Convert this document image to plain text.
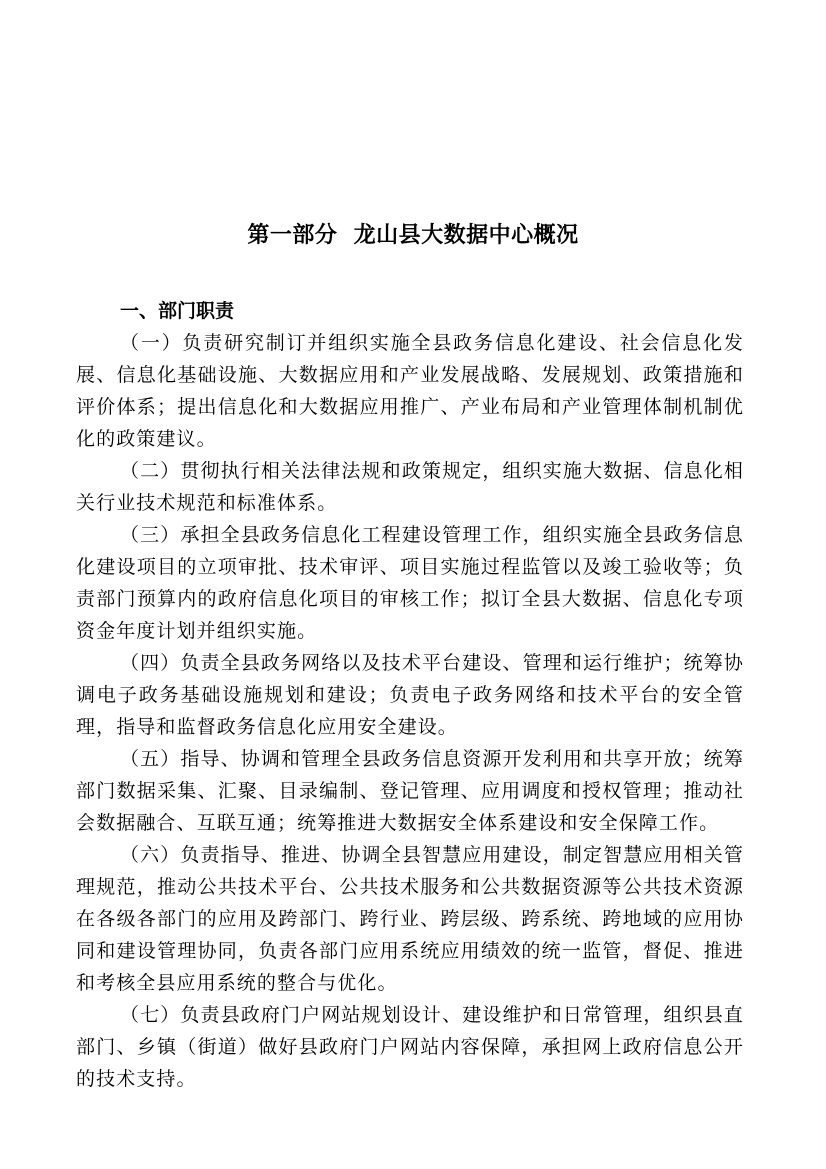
第一部分  龙山县大数据中心概况
一、部门职责

（一）负责研究制订并组织实施全县政务信息化建设、社会信息化发展、信息化基础设施、大数据应用和产业发展战略、发展规划、政策措施和评价体系；提出信息化和大数据应用推广、产业布局和产业管理体制机制优化的政策建议。

（二）贯彻执行相关法律法规和政策规定，组织实施大数据、信息化相关行业技术规范和标准体系。

（三）承担全县政务信息化工程建设管理工作，组织实施全县政务信息化建设项目的立项审批、技术审评、项目实施过程监管以及竣工验收等；负责部门预算内的政府信息化项目的审核工作；拟订全县大数据、信息化专项资金年度计划并组织实施。

（四）负责全县政务网络以及技术平台建设、管理和运行维护；统筹协调电子政务基础设施规划和建设；负责电子政务网络和技术平台的安全管理，指导和监督政务信息化应用安全建设。

（五）指导、协调和管理全县政务信息资源开发利用和共享开放；统筹部门数据采集、汇聚、目录编制、登记管理、应用调度和授权管理；推动社会数据融合、互联互通；统筹推进大数据安全体系建设和安全保障工作。

（六）负责指导、推进、协调全县智慧应用建设，制定智慧应用相关管理规范，推动公共技术平台、公共技术服务和公共数据资源等公共技术资源在各级各部门的应用及跨部门、跨行业、跨层级、跨系统、跨地域的应用协同和建设管理协同，负责各部门应用系统应用绩效的统一监管，督促、推进和考核全县应用系统的整合与优化。

（七）负责县政府门户网站规划设计、建设维护和日常管理，组织县直部门、乡镇（街道）做好县政府门户网站内容保障，承担网上政府信息公开的技术支持。
